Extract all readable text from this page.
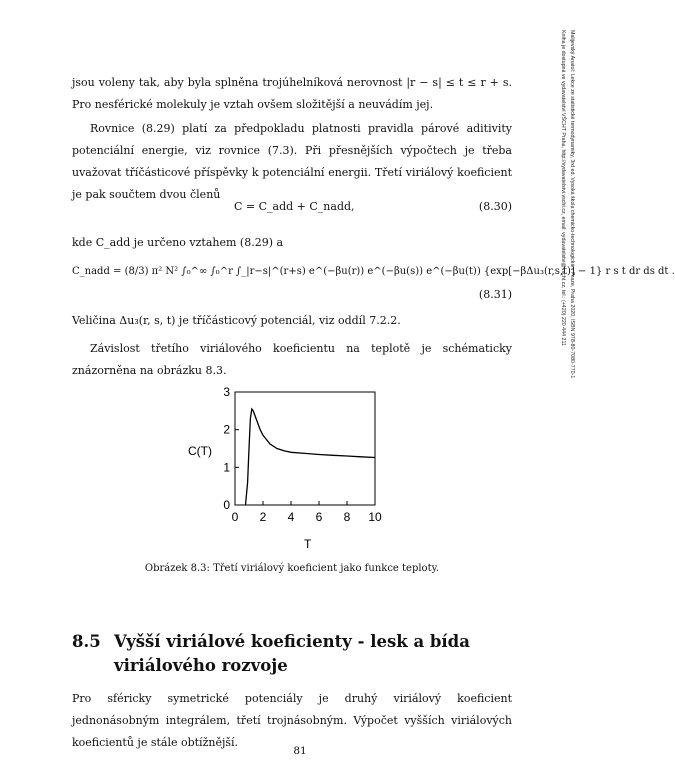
jsou voleny tak, aby byla splněna trojúhelníková nerovnost |r − s| ≤ t ≤ r + s. Pro nesférické molekuly je vztah ovšem složitější a neuvádím jej.

Rovnice (8.29) platí za předpokladu platnosti pravidla párové aditivity potenciální energie, viz rovnice (7.3). Při přesnějších výpočtech je třeba uvažovat tříčásticové příspěvky k potenciální energii. Třetí viriálový koeficient je pak součtem dvou členů

C = C_add + C_nadd,	(8.30)

kde C_add je určeno vztahem (8.29) a

C_nadd = (8/3) π² N² ∫₀^∞ ∫₀^r ∫_|r−s|^(r+s) e^(−βu(r)) e^(−βu(s)) e^(−βu(t)) {exp[−βΔu₃(r,s,t)] − 1} r s t dr ds dt .
(8.31)

Veličina Δu₃(r, s, t) je tříčásticový potenciál, viz oddíl 7.2.2.

Závislost třetího viriálového koeficientu na teplotě je schématicky znázorněna na obrázku 8.3.

0 2 4 6 8 10
0
1
2
3
C(T)
T
Obrázek 8.3: Třetí viriálový koeficient jako funkce teploty.
8.5 Vyšší viriálové koeficienty - lesk a bída viriálového rozvoje

Pro sféricky symetrické potenciály je druhý viriálový koeficient jednonásobným integrálem, třetí trojnásobným. Výpočet vyšších viriálových koeficientů je stále obtížnější.

81
Malijevský Anatol: Lekce ze statistické termodynamiky, 3rd ed. Vysoká škola chemicko-technologická v Praze, Praha 2020, ISBN 978-80-7080-770-1
Kniha je dostupná ve vydavatelství VŠCHT Praha, http://vydavatelstvi.vscht.cz, email: vydavatelstvi@vscht.cz, tel.: (+420) 220 444 211
